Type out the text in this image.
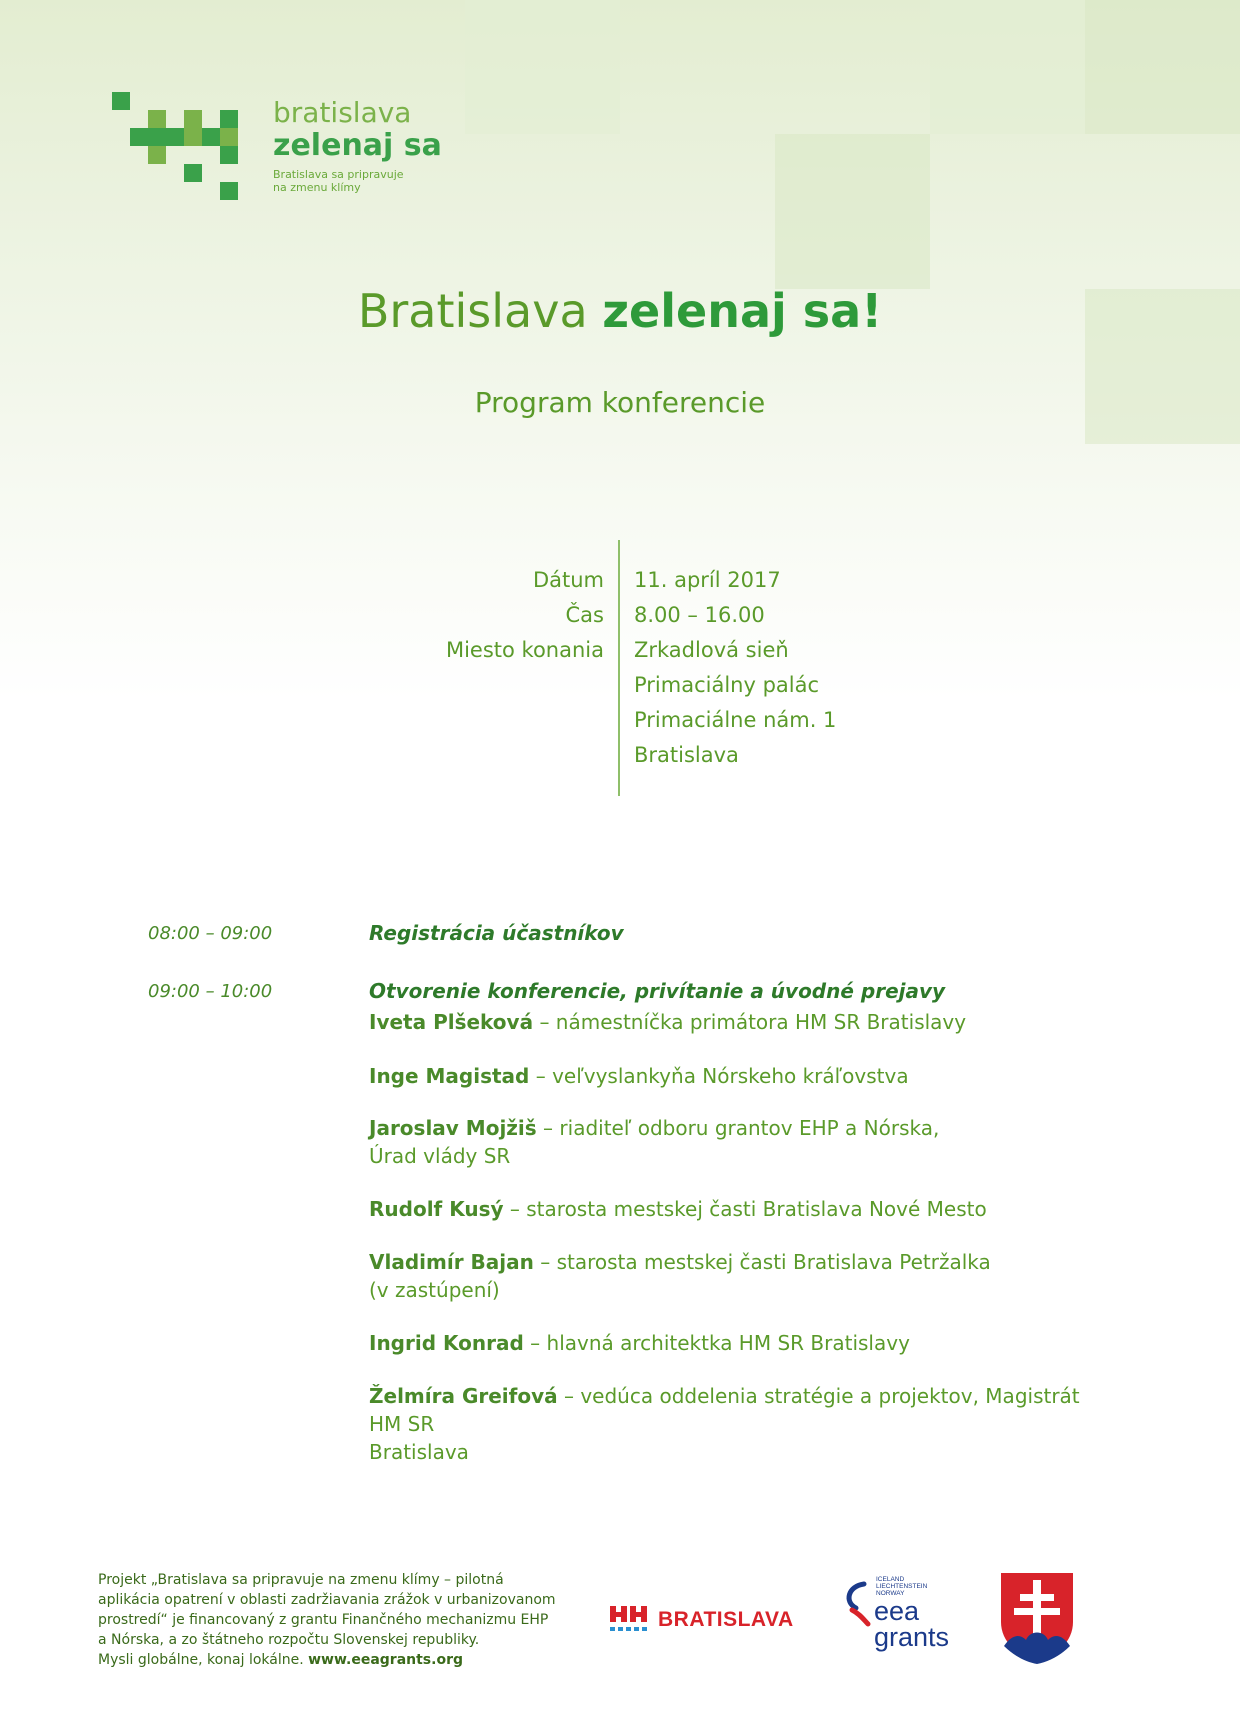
bratislava
zelenaj sa
Bratislava sa pripravuje
na zmenu klímy
Bratislava zelenaj sa!
Program konferencie
Dátum
Čas
Miesto konania
11. apríl 2017
8.00 – 16.00
Zrkadlová sieň
Primaciálny palác
Primaciálne nám. 1
Bratislava
08:00 – 09:00	Registrácia účastníkov
09:00 – 10:00	Otvorenie konferencie, privítanie a úvodné prejavy
Iveta Plšeková – námestníčka primátora HM SR Bratislavy
Inge Magistad – veľvyslankyňa Nórskeho kráľovstva
Jaroslav Mojžiš – riaditeľ odboru grantov EHP a Nórska,
Úrad vlády SR
Rudolf Kusý – starosta mestskej časti Bratislava Nové Mesto
Vladimír Bajan – starosta mestskej časti Bratislava Petržalka
(v zastúpení)
Ingrid Konrad – hlavná architektka HM SR Bratislavy
Želmíra Greifová – vedúca oddelenia stratégie a projektov, Magistrát HM SR
Bratislava
Projekt „Bratislava sa pripravuje na zmenu klímy – pilotná
aplikácia opatrení v oblasti zadržiavania zrážok v urbanizovanom
prostredí“ je financovaný z grantu Finančného mechanizmu EHP
a Nórska, a zo štátneho rozpočtu Slovenskej republiky.
Mysli globálne, konaj lokálne. www.eeagrants.org
BRATISLAVA
ICELAND
LIECHTENSTEIN
NORWAY
eea
grants
